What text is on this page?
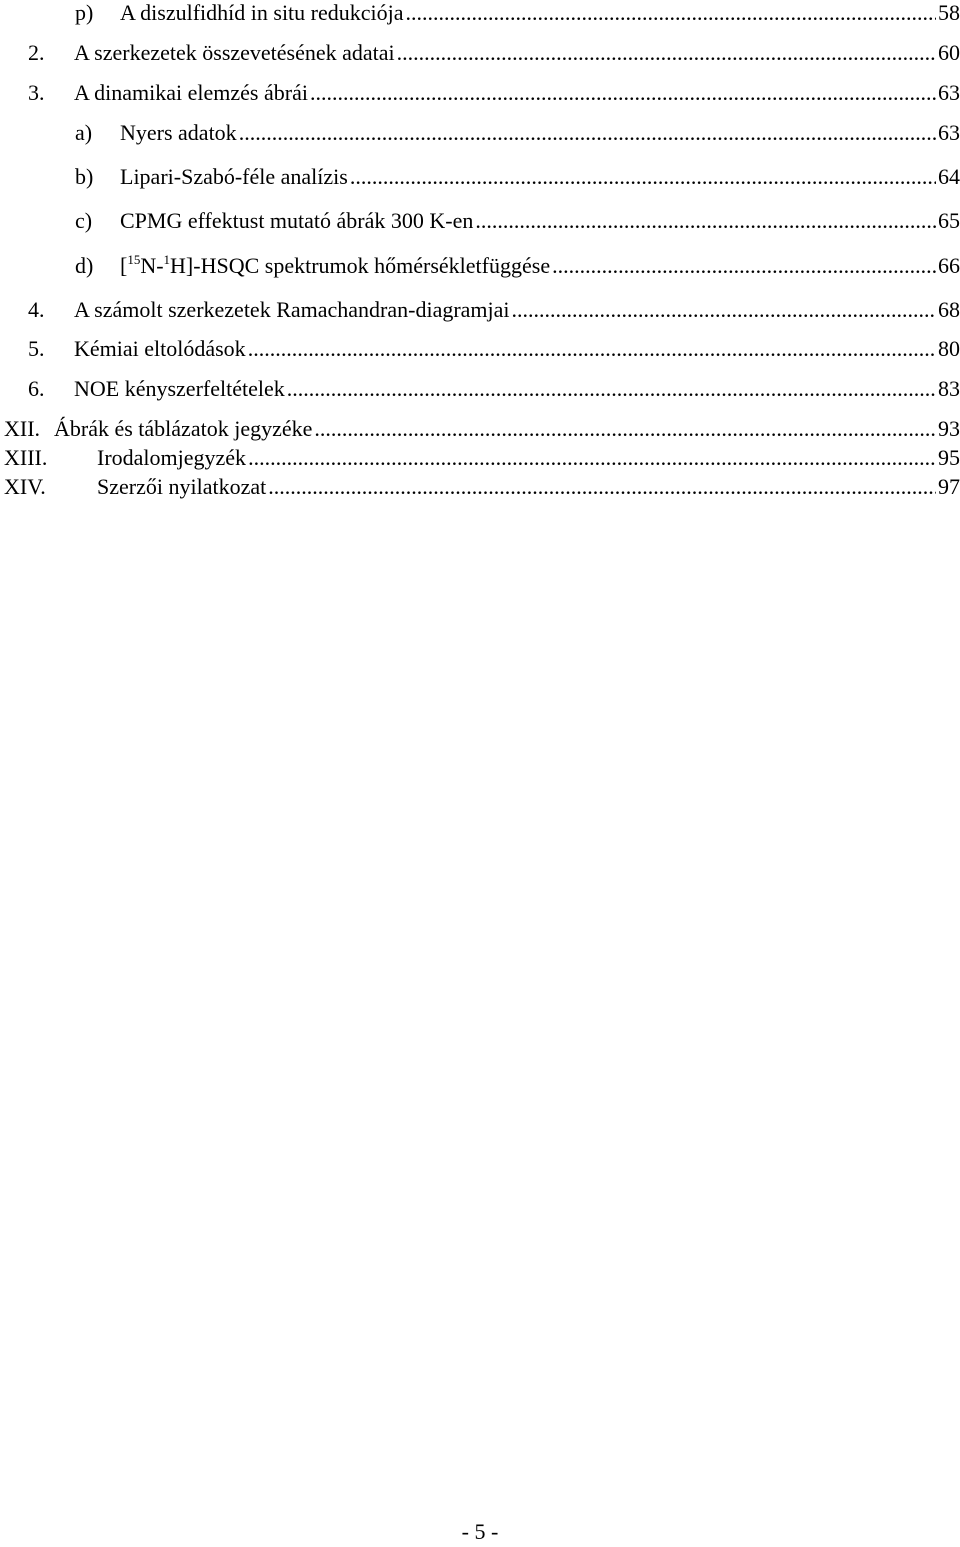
p)	A diszulfidhíd in situ redukciója .....	58
2.	A szerkezetek összevetésének adatai .....	60
3.	A dinamikai elemzés ábrái .....	63
a)	Nyers adatok .....	63
b)	Lipari-Szabó-féle analízis .....	64
c)	CPMG effektust mutató ábrák 300 K-en .....	65
d)	[$^{15}$N-$^1$H]-HSQC spektrumok hőmérsékletfüggése .....	66
4.	A számolt szerkezetek Ramachandran-diagramjai .....	68
5.	Kémiai eltolódások .....	80
6.	NOE kényszerfeltételek .....	83
XII. Ábrák és táblázatok jegyzéke .....	93
XIII.	Irodalomjegyzék .....	95
XIV.	Szerzői nyilatkozat .....	97
- 5 -
